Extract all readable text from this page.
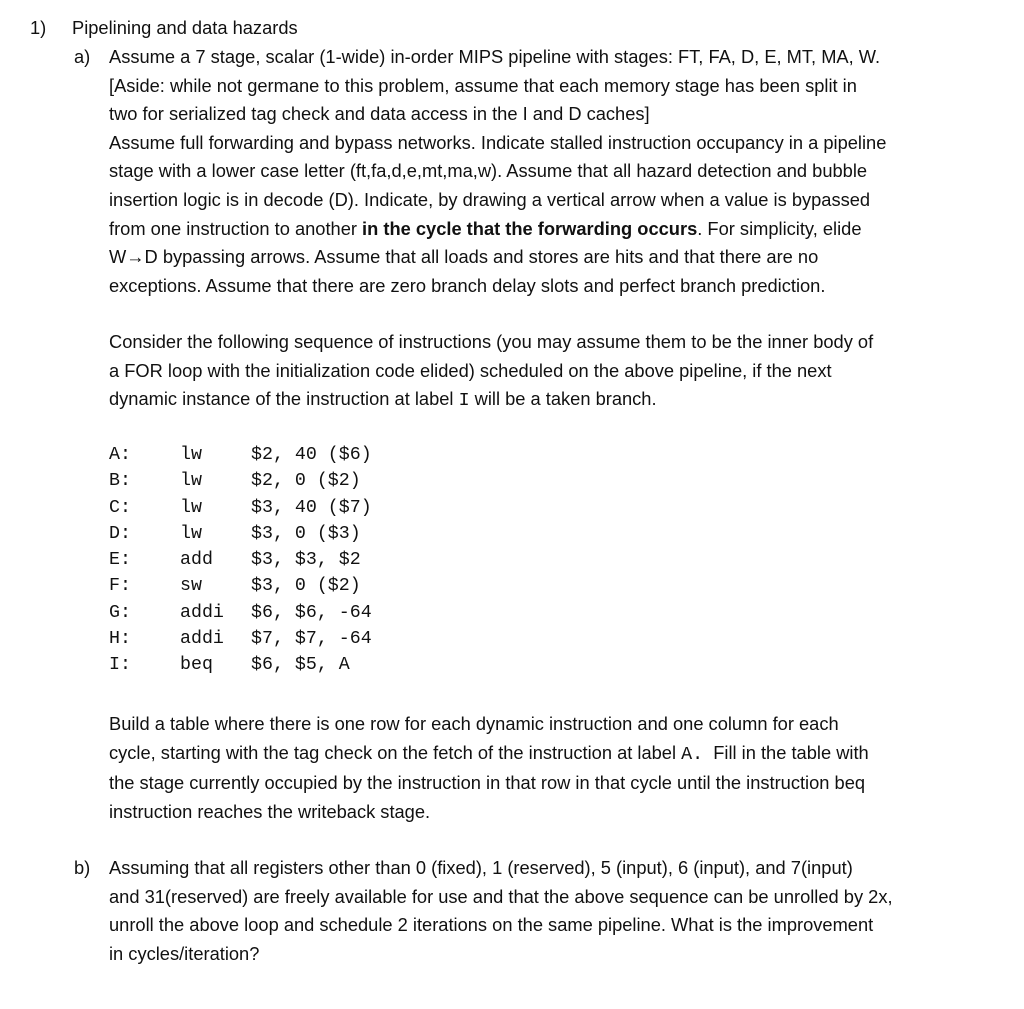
1) Pipelining and data hazards
a) Assume a 7 stage, scalar (1-wide) in-order MIPS pipeline with stages: FT, FA, D, E, MT, MA, W.
[Aside: while not germane to this problem, assume that each memory stage has been split in
two for serialized tag check and data access in the I and D caches]
Assume full forwarding and bypass networks. Indicate stalled instruction occupancy in a pipeline
stage with a lower case letter (ft,fa,d,e,mt,ma,w). Assume that all hazard detection and bubble
insertion logic is in decode (D). Indicate, by drawing a vertical arrow when a value is bypassed
from one instruction to another in the cycle that the forwarding occurs. For simplicity, elide
W→D bypassing arrows. Assume that all loads and stores are hits and that there are no
exceptions. Assume that there are zero branch delay slots and perfect branch prediction.
Consider the following sequence of instructions (you may assume them to be the inner body of
a FOR loop with the initialization code elided) scheduled on the above pipeline, if the next
dynamic instance of the instruction at label I will be a taken branch.
A:	lw	$2, 40 ($6)
B:	lw	$2, 0 ($2)
C:	lw	$3, 40 ($7)
D:	lw	$3, 0 ($3)
E:	add	$3, $3, $2
F:	sw	$3, 0 ($2)
G:	addi	$6, $6, -64
H:	addi	$7, $7, -64
I:	beq	$6, $5, A
Build a table where there is one row for each dynamic instruction and one column for each
cycle, starting with the tag check on the fetch of the instruction at label A.  Fill in the table with
the stage currently occupied by the instruction in that row in that cycle until the instruction beq
instruction reaches the writeback stage.
b) Assuming that all registers other than 0 (fixed), 1 (reserved), 5 (input), 6 (input), and 7(input)
and 31(reserved) are freely available for use and that the above sequence can be unrolled by 2x,
unroll the above loop and schedule 2 iterations on the same pipeline. What is the improvement
in cycles/iteration?
